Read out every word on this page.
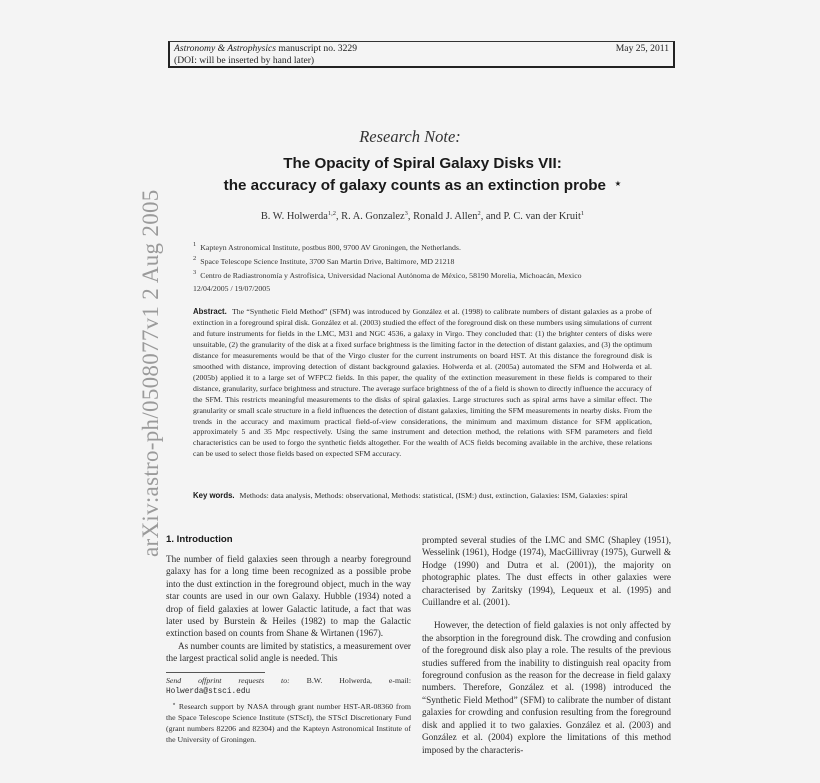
Astronomy & Astrophysics manuscript no. 3229	May 25, 2011
(DOI: will be inserted by hand later)
arXiv:astro-ph/0508077v1 2 Aug 2005
Research Note:
The Opacity of Spiral Galaxy Disks VII:
the accuracy of galaxy counts as an extinction probe ⋆
B. W. Holwerda$^{1,2}$, R. A. Gonzalez$^3$, Ronald J. Allen$^2$, and P. C. van der Kruit$^1$
$^1$ Kapteyn Astronomical Institute, postbus 800, 9700 AV Groningen, the Netherlands.
$^2$ Space Telescope Science Institute, 3700 San Martin Drive, Baltimore, MD 21218
$^3$ Centro de Radiastronomía y Astrofísica, Universidad Nacional Autónoma de México, 58190 Morelia, Michoacán, Mexico
12/04/2005 / 19/07/2005
Abstract. The “Synthetic Field Method” (SFM) was introduced by González et al. (1998) to calibrate numbers of distant galaxies as a probe of extinction in a foreground spiral disk. González et al. (2003) studied the effect of the foreground disk on these numbers using simulations of current and future instruments for fields in the LMC, M31 and NGC 4536, a galaxy in Virgo. They concluded that: (1) the brighter centers of disks were unsuitable, (2) the granularity of the disk at a fixed surface brightness is the limiting factor in the detection of distant galaxies, and (3) the optimum distance for measurements would be that of the Virgo cluster for the current instruments on board HST. At this distance the foreground disk is smoothed with distance, improving detection of distant background galaxies. Holwerda et al. (2005a) automated the SFM and Holwerda et al. (2005b) applied it to a large set of WFPC2 fields. In this paper, the quality of the extinction measurement in these fields is compared to their distance, granularity, surface brightness and structure. The average surface brightness of the of a field is shown to directly influence the accuracy of the SFM. This restricts meaningful measurements to the disks of spiral galaxies. Large structures such as spiral arms have a similar effect. The granularity or small scale structure in a field influences the detection of distant galaxies, limiting the SFM measurements in nearby disks. From the trends in the accuracy and maximum practical field-of-view considerations, the minimum and maximum distance for SFM application, approximately 5 and 35 Mpc respectively. Using the same instrument and detection method, the relations with SFM parameters and field characteristics can be used to forgo the synthetic fields altogether. For the wealth of ACS fields becoming available in the archive, these relations can be used to select those fields based on expected SFM accuracy.
Key words. Methods: data analysis, Methods: observational, Methods: statistical, (ISM:) dust, extinction, Galaxies: ISM, Galaxies: spiral
1. Introduction

The number of field galaxies seen through a nearby foreground galaxy has for a long time been recognized as a possible probe into the dust extinction in the foreground object, much in the way star counts are used in our own Galaxy. Hubble (1934) noted a drop of field galaxies at lower Galactic latitude, a fact that was later used by Burstein & Heiles (1982) to map the Galactic extinction based on counts from Shane & Wirtanen (1967).

As number counts are limited by statistics, a measurement over the largest practical solid angle is needed. This

prompted several studies of the LMC and SMC (Shapley (1951), Wesselink (1961), Hodge (1974), MacGillivray (1975), Gurwell & Hodge (1990) and Dutra et al. (2001)), the majority on photographic plates. The dust effects in other galaxies were characterised by Zaritsky (1994), Lequeux et al. (1995) and Cuillandre et al. (2001).

However, the detection of field galaxies is not only affected by the absorption in the foreground disk. The crowding and confusion of the foreground disk also play a role. The results of the previous studies suffered from the inability to distinguish real opacity from foreground confusion as the reason for the decrease in field galaxy numbers. Therefore, González et al. (1998) introduced the “Synthetic Field Method” (SFM) to calibrate the number of distant galaxies for crowding and confusion resulting from the foreground disk and applied it to two galaxies. González et al. (2003) and González et al. (2004) explore the limitations of this method imposed by the characteris-

Send offprint requests to: B.W. Holwerda, e-mail:
Holwerda@stsci.edu
⋆ Research support by NASA through grant number HST-AR-08360 from the Space Telescope Science Institute (STScI), the STScI Discretionary Fund (grant numbers 82206 and 82304) and the Kapteyn Astronomical Institute of the University of Groningen.
